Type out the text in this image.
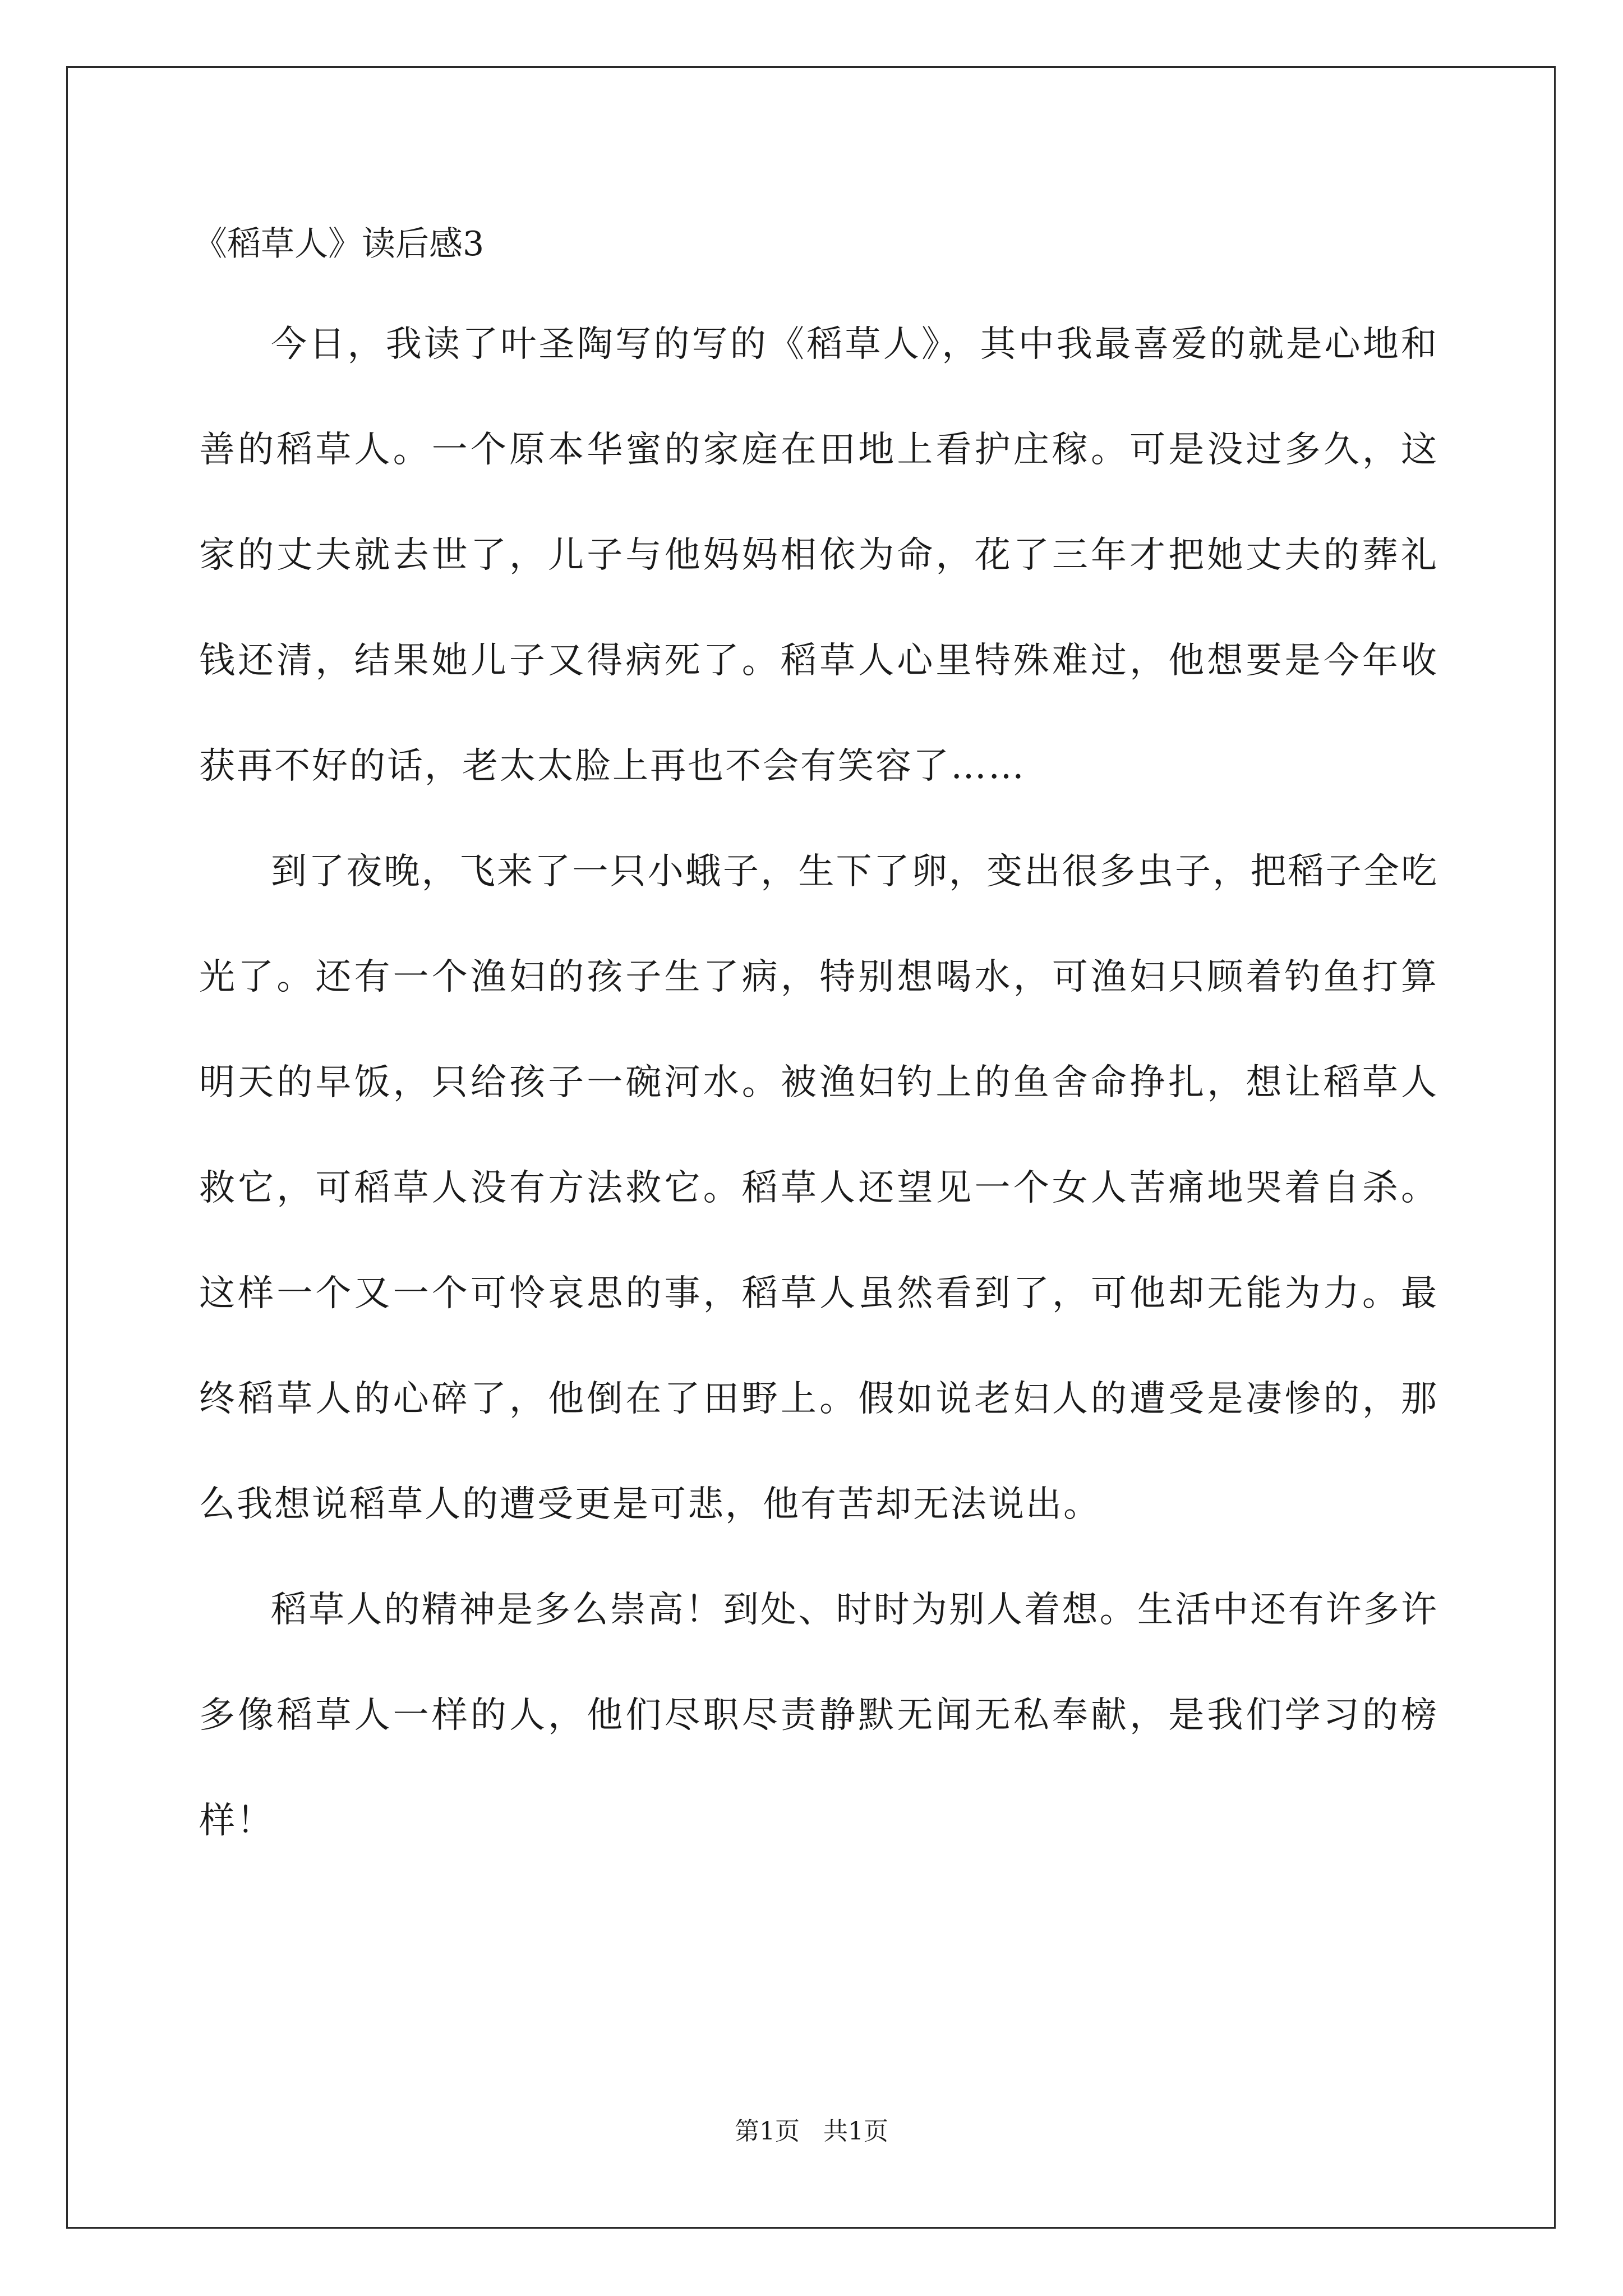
《稻草人》读后感3

今日，我读了叶圣陶写的写的《稻草人》，其中我最喜爱的就是心地和善的稻草人。一个原本华蜜的家庭在田地上看护庄稼。可是没过多久，这家的丈夫就去世了，儿子与他妈妈相依为命，花了三年才把她丈夫的葬礼钱还清，结果她儿子又得病死了。稻草人心里特殊难过，他想要是今年收获再不好的话，老太太脸上再也不会有笑容了……

到了夜晚，飞来了一只小蛾子，生下了卵，变出很多虫子，把稻子全吃光了。还有一个渔妇的孩子生了病，特别想喝水，可渔妇只顾着钓鱼打算明天的早饭，只给孩子一碗河水。被渔妇钓上的鱼舍命挣扎，想让稻草人救它，可稻草人没有方法救它。稻草人还望见一个女人苦痛地哭着自杀。这样一个又一个可怜哀思的事，稻草人虽然看到了，可他却无能为力。最终稻草人的心碎了，他倒在了田野上。假如说老妇人的遭受是凄惨的，那么我想说稻草人的遭受更是可悲，他有苦却无法说出。

稻草人的精神是多么崇高！到处、时时为别人着想。生活中还有许多许多像稻草人一样的人，他们尽职尽责静默无闻无私奉献，是我们学习的榜样！

第1页   共1页
